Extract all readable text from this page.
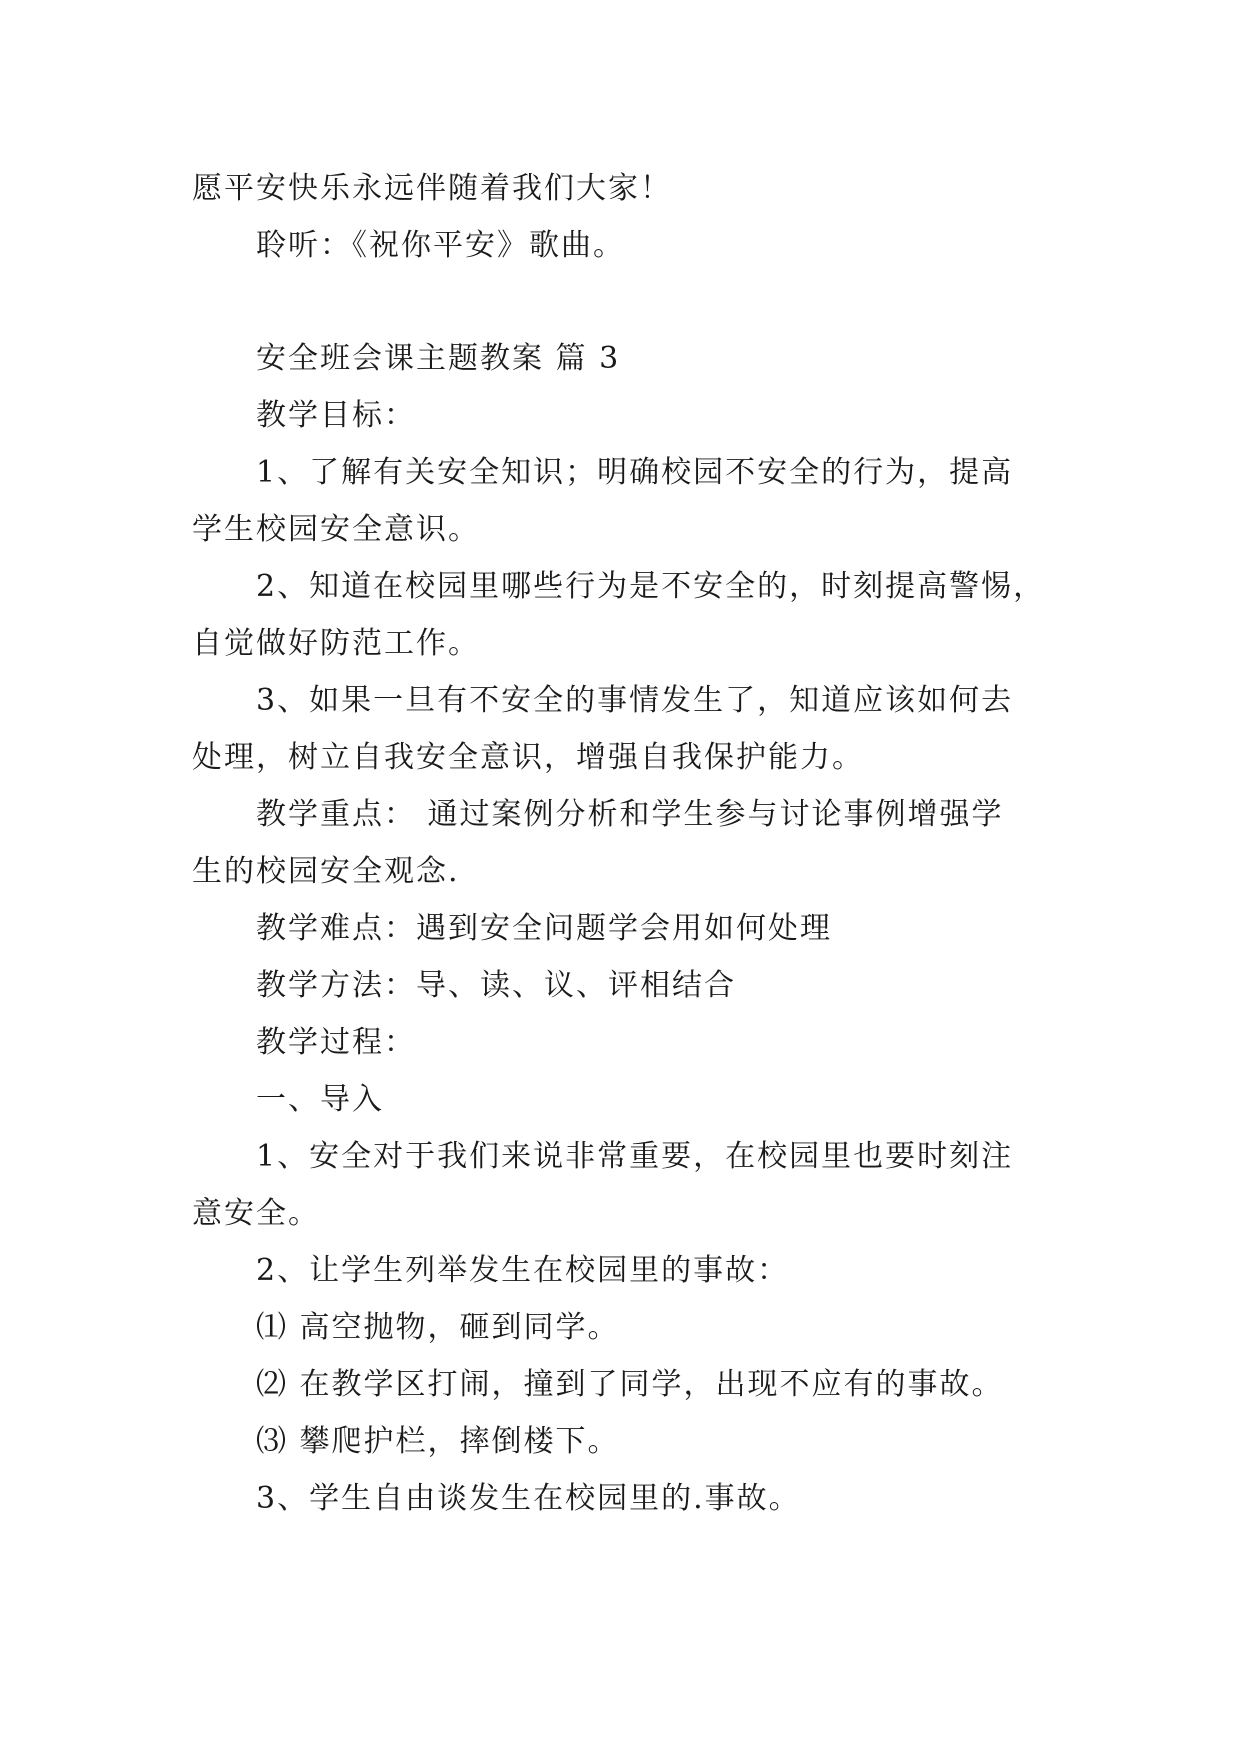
愿平安快乐永远伴随着我们大家！

聆听：《祝你平安》歌曲。

安全班会课主题教案 篇 3

教学目标：

1、了解有关安全知识；明确校园不安全的行为，提高

学生校园安全意识。

2、知道在校园里哪些行为是不安全的，时刻提高警惕，

自觉做好防范工作。

3、如果一旦有不安全的事情发生了，知道应该如何去

处理，树立自我安全意识，增强自我保护能力。

教学重点： 通过案例分析和学生参与讨论事例增强学

生的校园安全观念.

教学难点：遇到安全问题学会用如何处理

教学方法：导、读、议、评相结合

教学过程：

一、导入

1、安全对于我们来说非常重要，在校园里也要时刻注

意安全。

2、让学生列举发生在校园里的事故：

⑴ 高空抛物，砸到同学。

⑵ 在教学区打闹，撞到了同学，出现不应有的事故。

⑶ 攀爬护栏，摔倒楼下。

3、学生自由谈发生在校园里的.事故。
